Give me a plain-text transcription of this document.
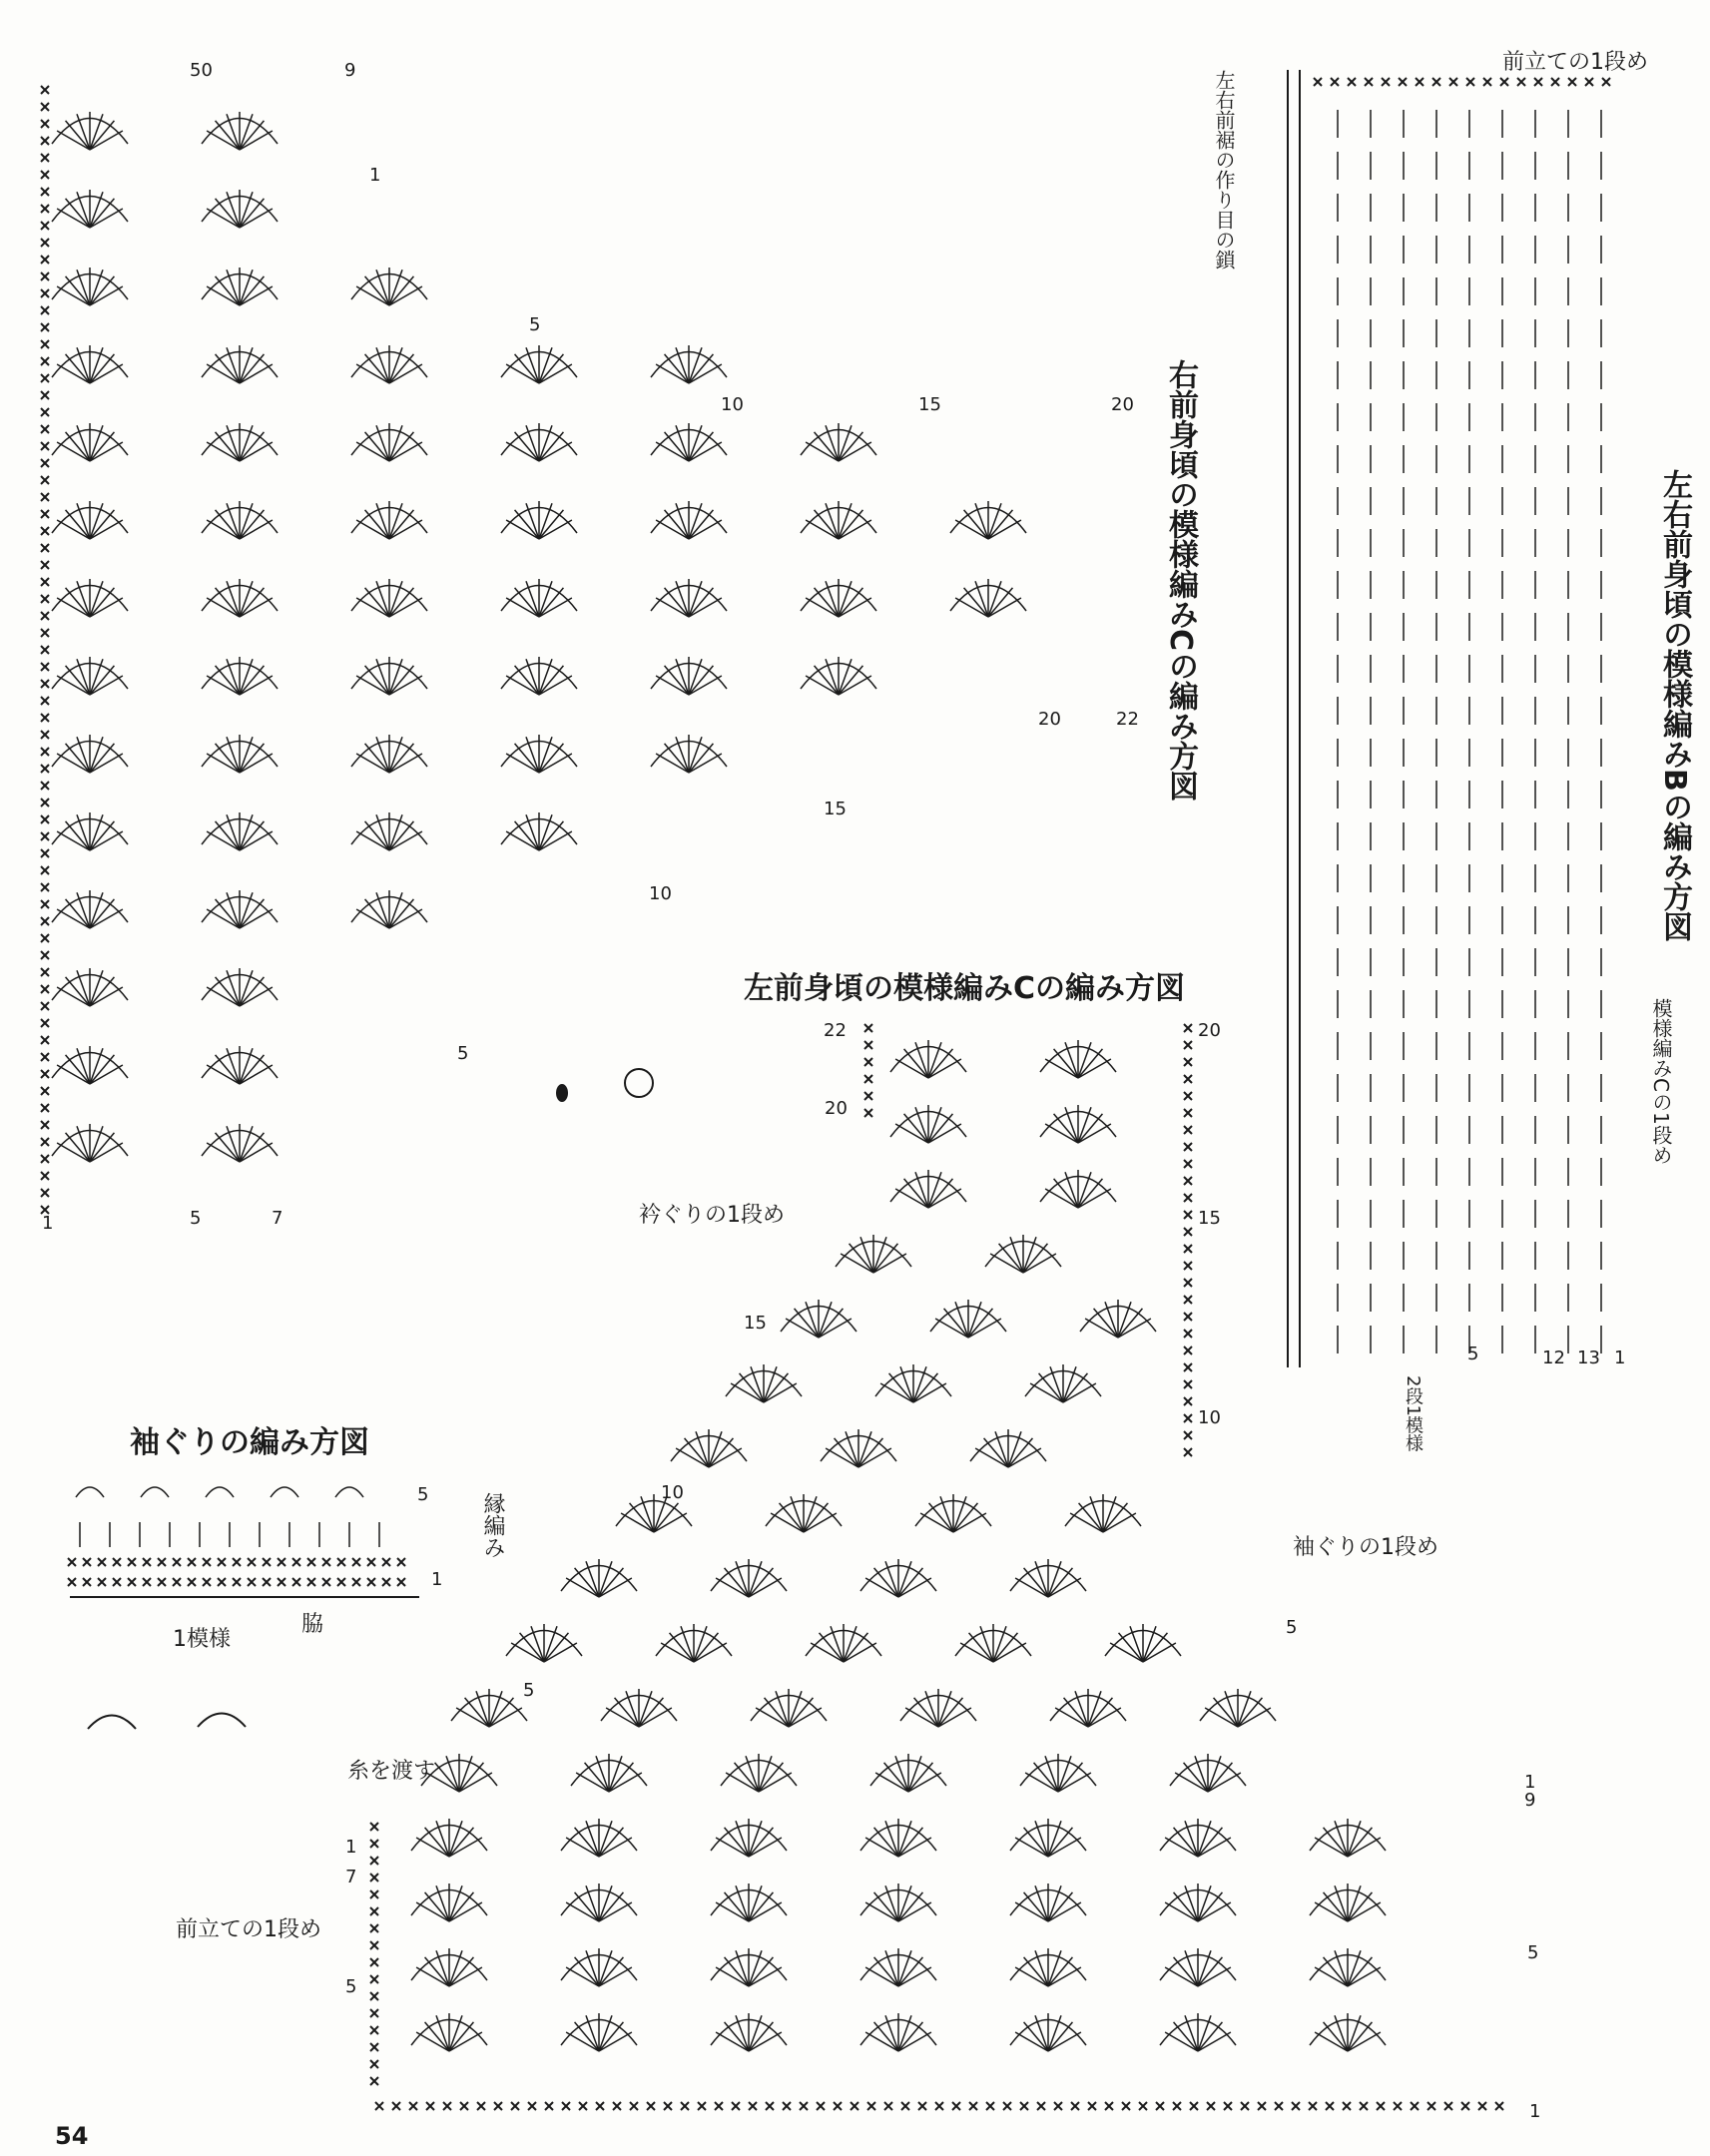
右前身頃の模様編みCの編み方図	左右前身頃の模様編みBの編み方図
左前身頃の模様編みCの編み方図
袖ぐりの編み方図
前立ての1段め
左右前裾の作り目の鎖
模様編みCの1段め
衿ぐりの1段め
袖ぐりの1段め
糸を渡す
前立ての1段め
縁編み
1模様
脇
2段1模様
5
9
50
1
5
10	15	20
22
20
15
10
5
1	5	7
22	20
20
15
15
10
10
5
5
1
7
5
1
9
5
1
13
12	1
5
1
54
